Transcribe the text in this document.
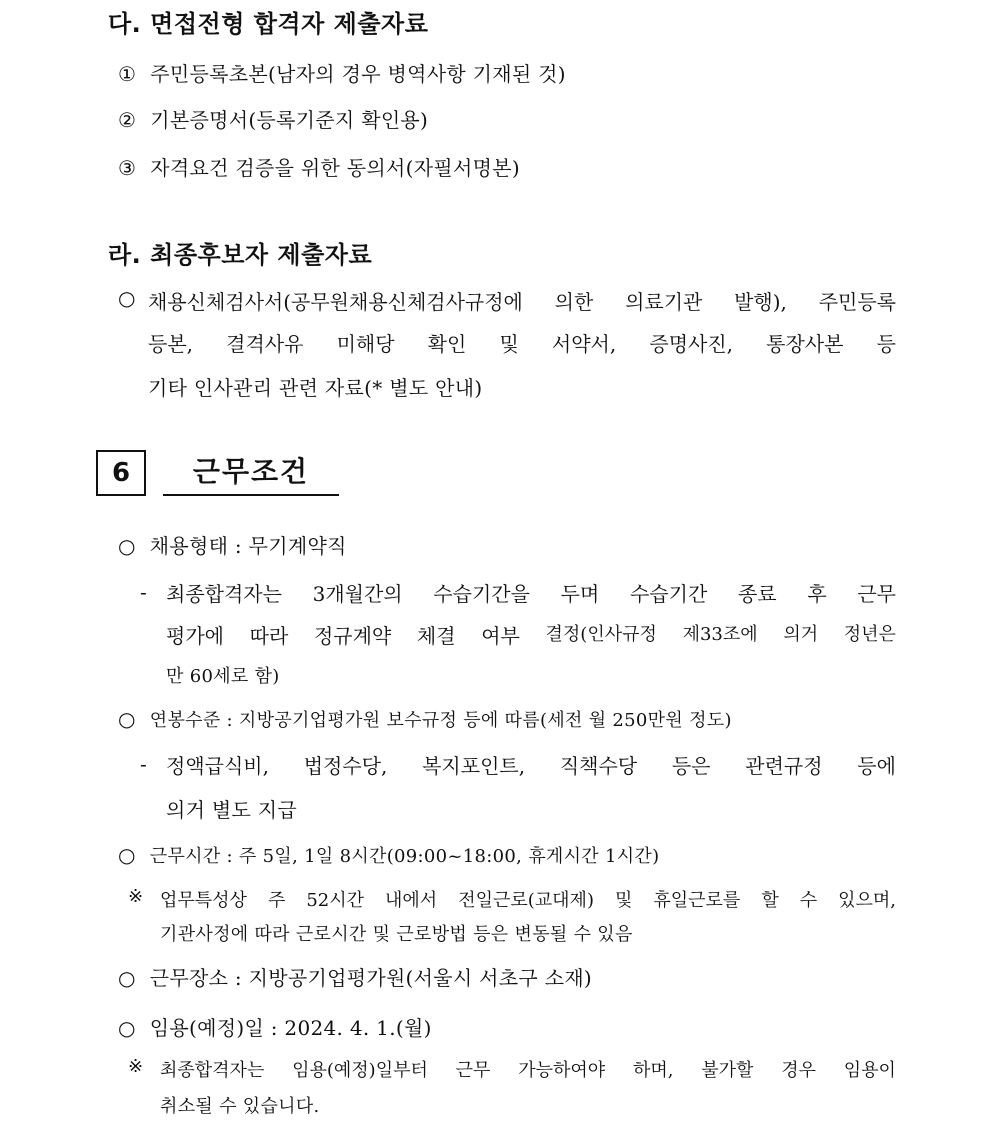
다. 면접전형 합격자 제출자료
① 주민등록초본(남자의 경우 병역사항 기재된 것)
② 기본증명서(등록기준지 확인용)
③ 자격요건 검증을 위한 동의서(자필서명본)
라. 최종후보자 제출자료
○ 채용신체검사서(공무원채용신체검사규정에 의한 의료기관 발행), 주민등록
등본, 결격사유 미해당 확인 및 서약서, 증명사진, 통장사본 등
기타 인사관리 관련 자료(* 별도 안내)
6	근무조건
○ 채용형태 : 무기계약직
- 최종합격자는 3개월간의 수습기간을 두며 수습기간 종료 후 근무
평가에 따라 정규계약 체결 여부 결정(인사규정 제33조에 의거 정년은
만 60세로 함)
○ 연봉수준 : 지방공기업평가원 보수규정 등에 따름(세전 월 250만원 정도)
- 정액급식비, 법정수당, 복지포인트, 직책수당 등은 관련규정 등에
의거 별도 지급
○ 근무시간 : 주 5일, 1일 8시간(09:00~18:00, 휴게시간 1시간)
※ 업무특성상 주 52시간 내에서 전일근로(교대제) 및 휴일근로를 할 수 있으며,
기관사정에 따라 근로시간 및 근로방법 등은 변동될 수 있음
○ 근무장소 : 지방공기업평가원(서울시 서초구 소재)
○ 임용(예정)일 : 2024. 4. 1.(월)
※ 최종합격자는 임용(예정)일부터 근무 가능하여야 하며, 불가할 경우 임용이
취소될 수 있습니다.
